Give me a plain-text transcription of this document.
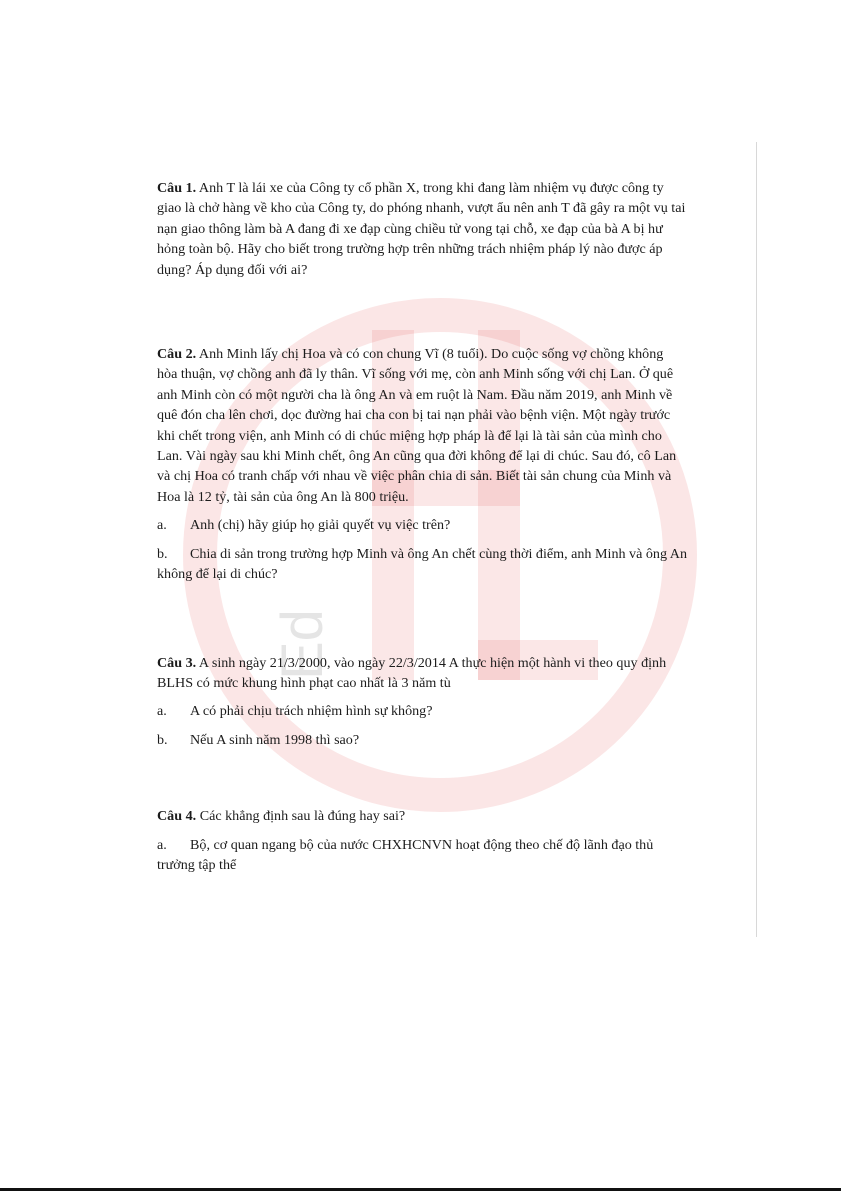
Ed

Câu 1. Anh T là lái xe của Công ty cổ phần X, trong khi đang làm nhiệm vụ được công ty giao là chở hàng về kho của Công ty, do phóng nhanh, vượt ẩu nên anh T đã gây ra một vụ tai nạn giao thông làm bà A đang đi xe đạp cùng chiều tử vong tại chỗ, xe đạp của bà A bị hư hỏng toàn bộ. Hãy cho biết trong trường hợp trên những trách nhiệm pháp lý nào được áp dụng? Áp dụng đối với ai?

Câu 2. Anh Minh lấy chị Hoa và có con chung Vĩ (8 tuổi). Do cuộc sống vợ chồng không hòa thuận, vợ chồng anh đã ly thân. Vĩ sống với mẹ, còn anh Minh sống với chị Lan. Ở quê anh Minh còn có một người cha là ông An và em ruột là Nam. Đầu năm 2019, anh Minh về quê đón cha lên chơi, dọc đường hai cha con bị tai nạn phải vào bệnh viện. Một ngày trước khi chết trong viện, anh Minh có di chúc miệng hợp pháp là để lại là tài sản của mình cho Lan. Vài ngày sau khi Minh chết, ông An cũng qua đời không để lại di chúc. Sau đó, cô Lan và chị Hoa có tranh chấp với nhau về việc phân chia di sản. Biết tài sản chung của Minh và Hoa là 12 tỷ, tài sản của ông An là 800 triệu.

a. Anh (chị) hãy giúp họ giải quyết vụ việc trên?

b. Chia di sản trong trường hợp Minh và ông An chết cùng thời điểm, anh Minh và ông An không để lại di chúc?

Câu 3. A sinh ngày 21/3/2000, vào ngày 22/3/2014 A thực hiện một hành vi theo quy định BLHS có mức khung hình phạt cao nhất là 3 năm tù

a. A có phải chịu trách nhiệm hình sự không?

b. Nếu A sinh năm 1998 thì sao?

Câu 4. Các khẳng định sau là đúng hay sai?

a. Bộ, cơ quan ngang bộ của nước CHXHCNVN hoạt động theo chế độ lãnh đạo thủ trưởng tập thể
